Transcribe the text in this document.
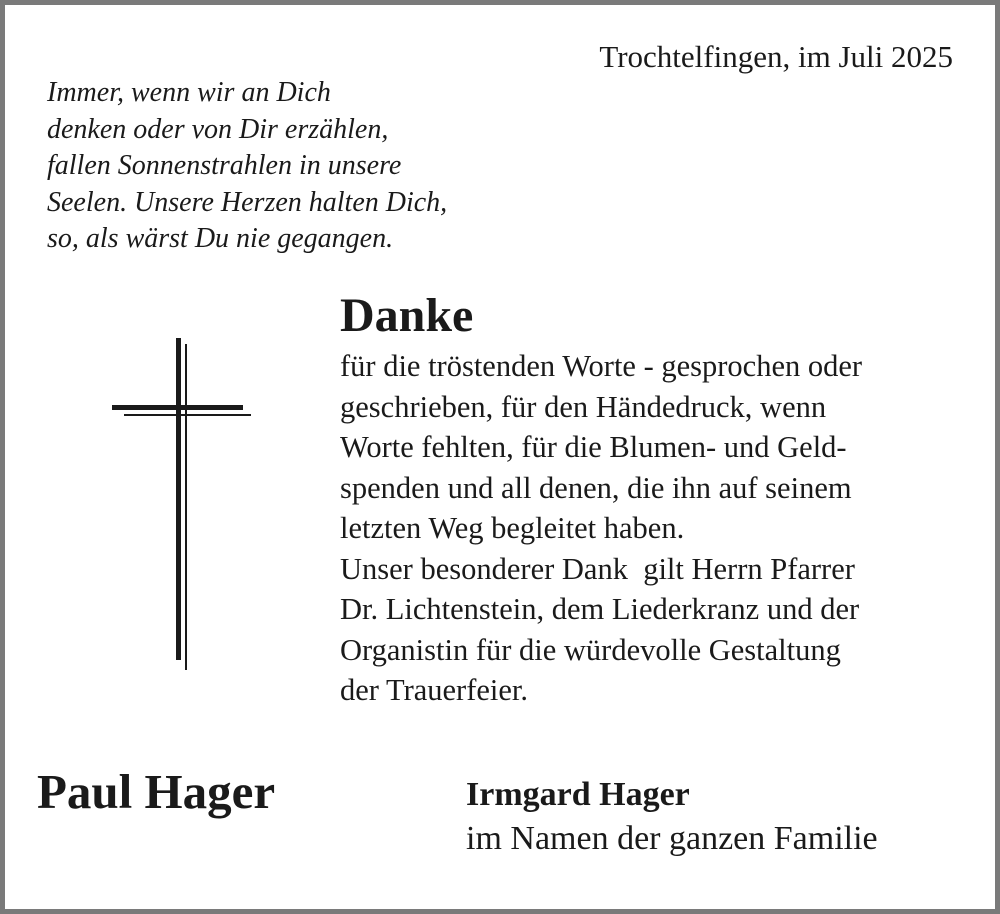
Trochtelfingen, im Juli 2025

Immer, wenn wir an Dich
denken oder von Dir erzählen,
fallen Sonnenstrahlen in unsere
Seelen. Unsere Herzen halten Dich,
so, als wärst Du nie gegangen.

Danke

für die tröstenden Worte - gesprochen oder
geschrieben, für den Händedruck, wenn
Worte fehlten, für die Blumen- und Geld-
spenden und all denen, die ihn auf seinem
letzten Weg begleitet haben.
Unser besonderer Dank  gilt Herrn Pfarrer
Dr. Lichtenstein, dem Liederkranz und der
Organistin für die würdevolle Gestaltung
der Trauerfeier.

Paul Hager	Irmgard Hager
im Namen der ganzen Familie
